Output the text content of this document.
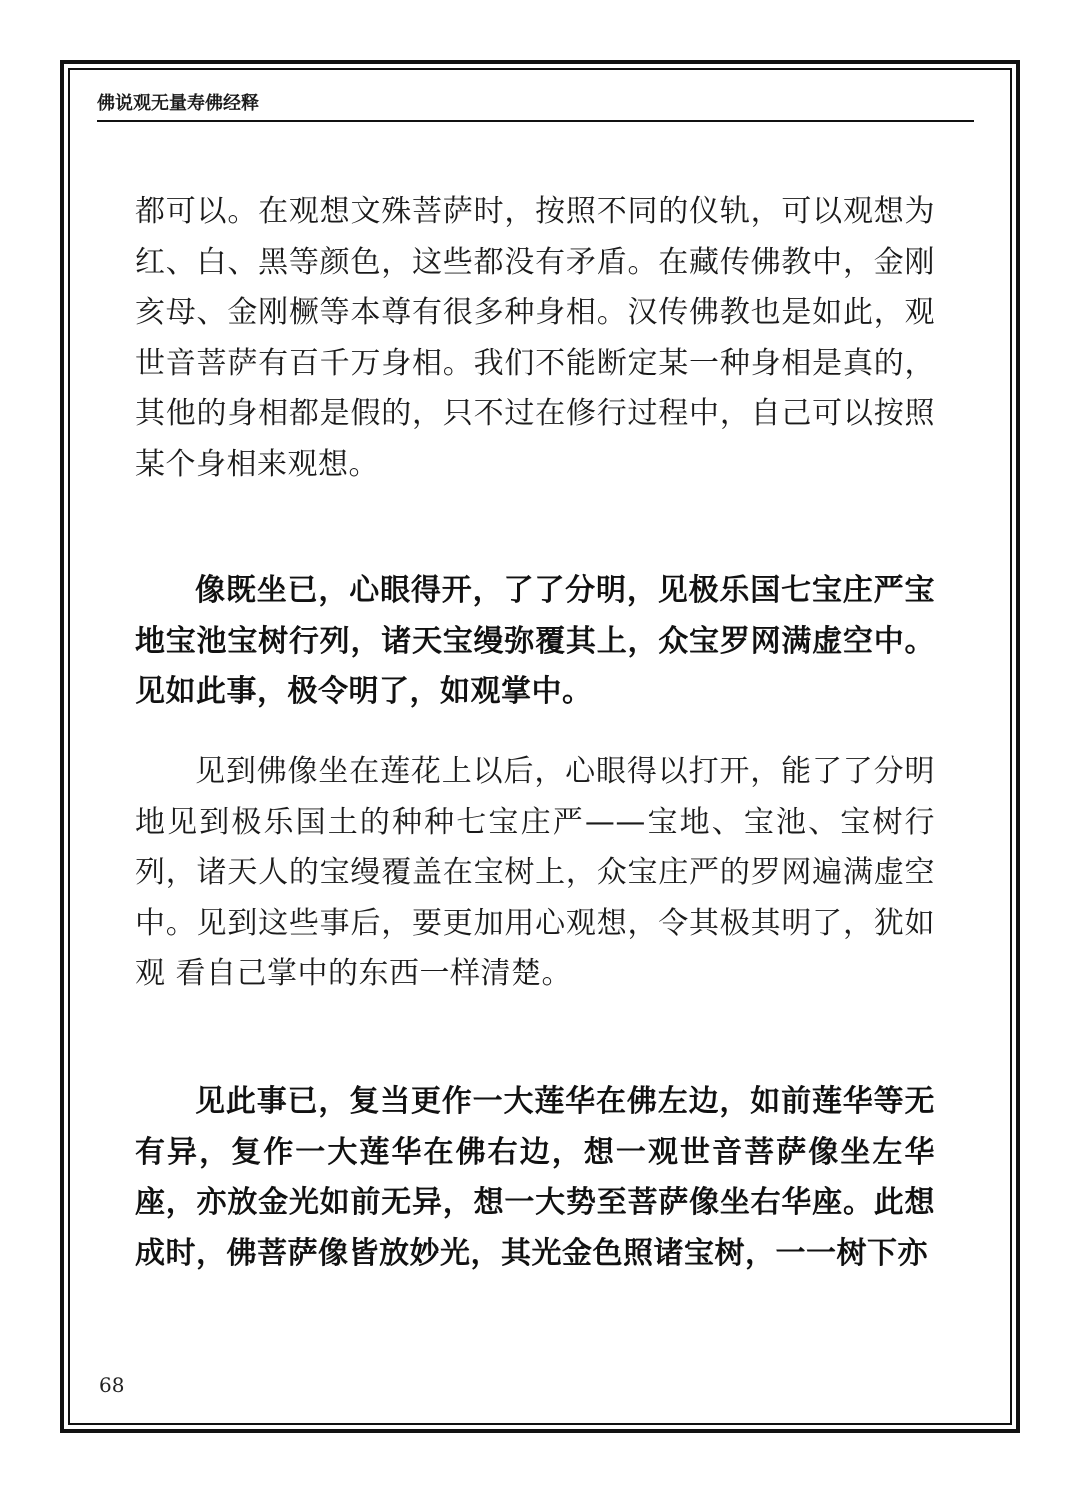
佛说观无量寿佛经释

都可以。在观想文殊菩萨时，按照不同的仪轨，可以观想为红、白、黑等颜色，这些都没有矛盾。在藏传佛教中，金刚亥母、金刚橛等本尊有很多种身相。汉传佛教也是如此，观世音菩萨有百千万身相。我们不能断定某一种身相是真的，其他的身相都是假的，只不过在修行过程中，自己可以按照某个身相来观想。

像既坐已，心眼得开，了了分明，见极乐国七宝庄严宝地宝池宝树行列，诸天宝缦弥覆其上，众宝罗网满虚空中。见如此事，极令明了，如观掌中。

见到佛像坐在莲花上以后，心眼得以打开，能了了分明地见到极乐国土的种种七宝庄严——宝地、宝池、宝树行列，诸天人的宝缦覆盖在宝树上，众宝庄严的罗网遍满虚空中。见到这些事后，要更加用心观想，令其极其明了，犹如观 看自己掌中的东西一样清楚。

见此事已，复当更作一大莲华在佛左边，如前莲华等无有异，复作一大莲华在佛右边，想一观世音菩萨像坐左华座，亦放金光如前无异，想一大势至菩萨像坐右华座。此想成时，佛菩萨像皆放妙光，其光金色照诸宝树，一一树下亦

68
